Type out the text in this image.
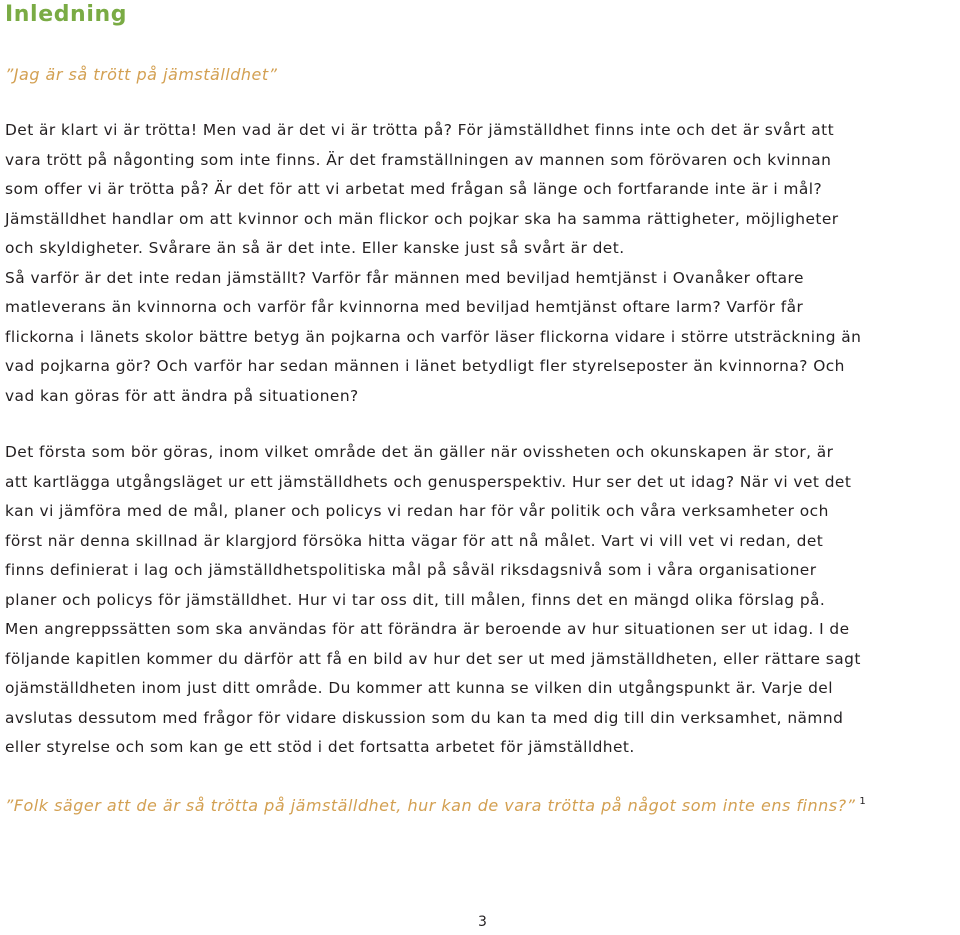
Inledning
”Jag är så trött på jämställdhet”
Det är klart vi är trötta! Men vad är det vi är trötta på? För jämställdhet finns inte och det är svårt att
vara trött på någonting som inte finns. Är det framställningen av mannen som förövaren och kvinnan
som offer vi är trötta på? Är det för att vi arbetat med frågan så länge och fortfarande inte är i mål?
Jämställdhet handlar om att kvinnor och män flickor och pojkar ska ha samma rättigheter, möjligheter
och skyldigheter. Svårare än så är det inte. Eller kanske just så svårt är det.
Så varför är det inte redan jämställt? Varför får männen med beviljad hemtjänst i Ovanåker oftare
matleverans än kvinnorna och varför får kvinnorna med beviljad hemtjänst oftare larm? Varför får
flickorna i länets skolor bättre betyg än pojkarna och varför läser flickorna vidare i större utsträckning än
vad pojkarna gör? Och varför har sedan männen i länet betydligt fler styrelseposter än kvinnorna? Och
vad kan göras för att ändra på situationen?
Det första som bör göras, inom vilket område det än gäller när ovissheten och okunskapen är stor, är
att kartlägga utgångsläget ur ett jämställdhets och genusperspektiv. Hur ser det ut idag? När vi vet det
kan vi jämföra med de mål, planer och policys vi redan har för vår politik och våra verksamheter och
först när denna skillnad är klargjord försöka hitta vägar för att nå målet. Vart vi vill vet vi redan, det
finns definierat i lag och jämställdhetspolitiska mål på såväl riksdagsnivå som i våra organisationer
planer och policys för jämställdhet. Hur vi tar oss dit, till målen, finns det en mängd olika förslag på.
Men angreppssätten som ska användas för att förändra är beroende av hur situationen ser ut idag. I de
följande kapitlen kommer du därför att få en bild av hur det ser ut med jämställdheten, eller rättare sagt
ojämställdheten inom just ditt område. Du kommer att kunna se vilken din utgångspunkt är. Varje del
avslutas dessutom med frågor för vidare diskussion som du kan ta med dig till din verksamhet, nämnd
eller styrelse och som kan ge ett stöd i det fortsatta arbetet för jämställdhet.
”Folk säger att de är så trötta på jämställdhet, hur kan de vara trötta på något som inte ens finns?” $^1$
3
